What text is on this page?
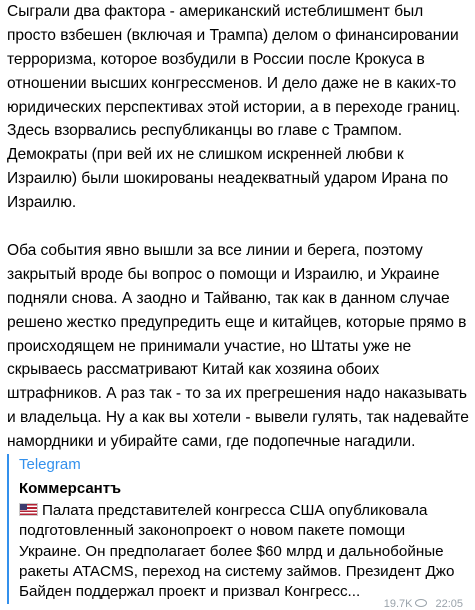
Сыграли два фактора - американский истеблишмент был
просто взбешен (включая и Трампа) делом о финансировании
терроризма, которое возбудили в России после Крокуса в
отношении высших конгрессменов. И дело даже не в каких-то
юридических перспективах этой истории, а в переходе границ.
Здесь взорвались республиканцы во главе с Трампом.
Демократы (при вей их не слишком искренней любви к
Израилю) были шокированы неадекватный ударом Ирана по
Израилю.

Оба события явно вышли за все линии и берега, поэтому
закрытый вроде бы вопрос о помощи и Израилю, и Украине
подняли снова. А заодно и Тайваню, так как в данном случае
решено жестко предупредить еще и китайцев, которые прямо в
происходящем не принимали участие, но Штаты уже не
скрываесь рассматривают Китай как хозяина обоих
штрафников. А раз так - то за их прегрешения надо наказывать
и владельца. Ну а как вы хотели - вывели гулять, так надевайте
намордники и убирайте сами, где подопечные нагадили.

Telegram
Коммерсантъ
Палата представителей конгресса США опубликовала
подготовленный законопроект о новом пакете помощи
Украине. Он предполагает более $60 млрд и дальнобойные
ракеты ATACMS, переход на систему займов. Президент Джо
Байден поддержал проект и призвал Конгресс...
19.7K 22:05
